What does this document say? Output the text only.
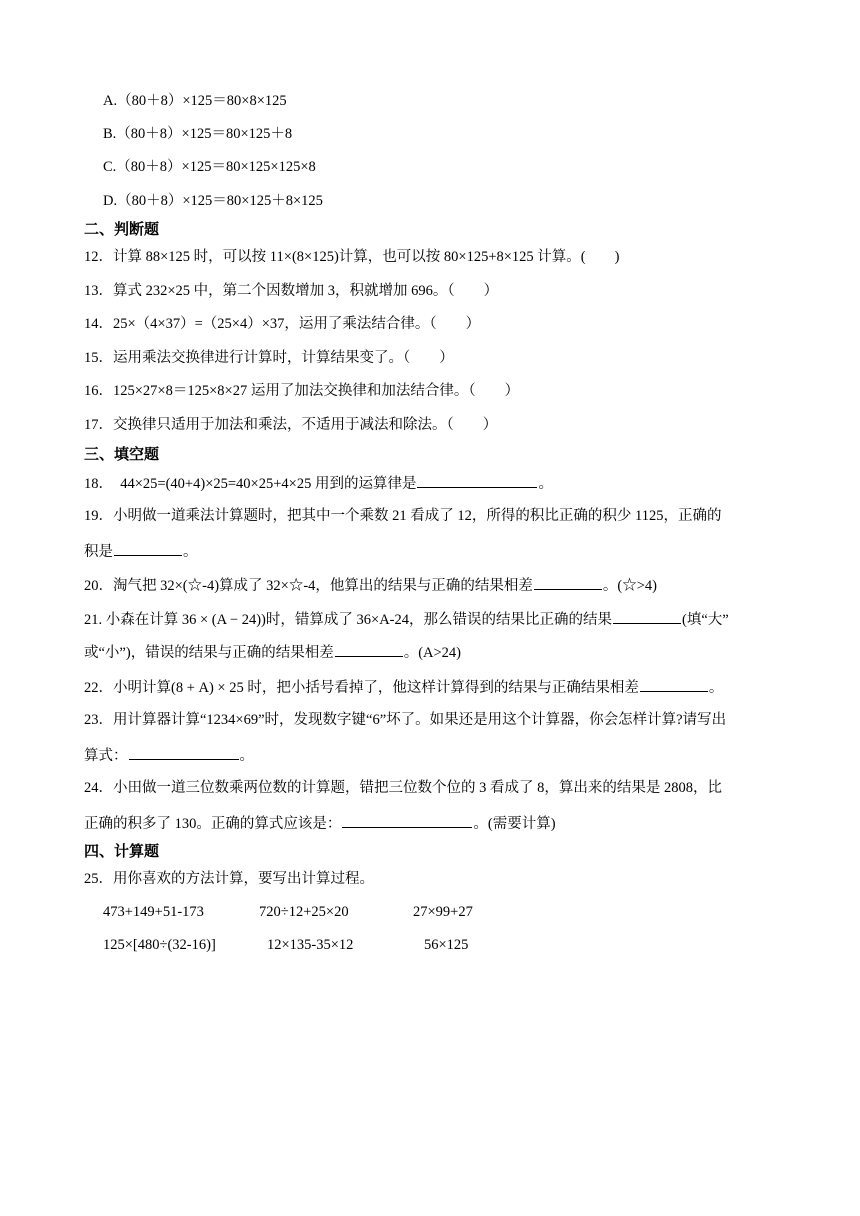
A.（80＋8）×125＝80×8×125
B.（80＋8）×125＝80×125＋8
C.（80＋8）×125＝80×125×125×8
D.（80＋8）×125＝80×125＋8×125
二、判断题
12．计算 88×125 时，可以按 11×(8×125)计算，也可以按 80×125+8×125 计算。(　　)
13．算式 232×25 中，第二个因数增加 3，积就增加 696。（　　）
14．25×（4×37）=（25×4）×37，运用了乘法结合律。（　　）
15．运用乘法交换律进行计算时，计算结果变了。（　　）
16．125×27×8＝125×8×27 运用了加法交换律和加法结合律。（　　）
17．交换律只适用于加法和乘法，不适用于减法和除法。（　　）
三、填空题
18．　44×25=(40+4)×25=40×25+4×25 用到的运算律是	。
19．小明做一道乘法计算题时，把其中一个乘数 21 看成了 12，所得的积比正确的积少 1125，正确的
积是	。
20．淘气把 32×(☆-4)算成了 32×☆-4，他算出的结果与正确的结果相差	。(☆>4)
21. 小森在计算 36 × (A − 24))时，错算成了 36×A-24，那么错误的结果比正确的结果	(填“大”
或“小”)，错误的结果与正确的结果相差	。(A>24)
22．小明计算(8 + A) × 25 时，把小括号看掉了，他这样计算得到的结果与正确结果相差	。
23．用计算器计算“1234×69”时，发现数字键“6”坏了。如果还是用这个计算器，你会怎样计算?请写出
算式：	。
24．小田做一道三位数乘两位数的计算题，错把三位数个位的 3 看成了 8，算出来的结果是 2808，比
正确的积多了 130。正确的算式应该是：	。(需要计算)
四、计算题
25．用你喜欢的方法计算，要写出计算过程。
473+149+51-173	720÷12+25×20	27×99+27
125×[480÷(32-16)]	12×135-35×12	56×125
